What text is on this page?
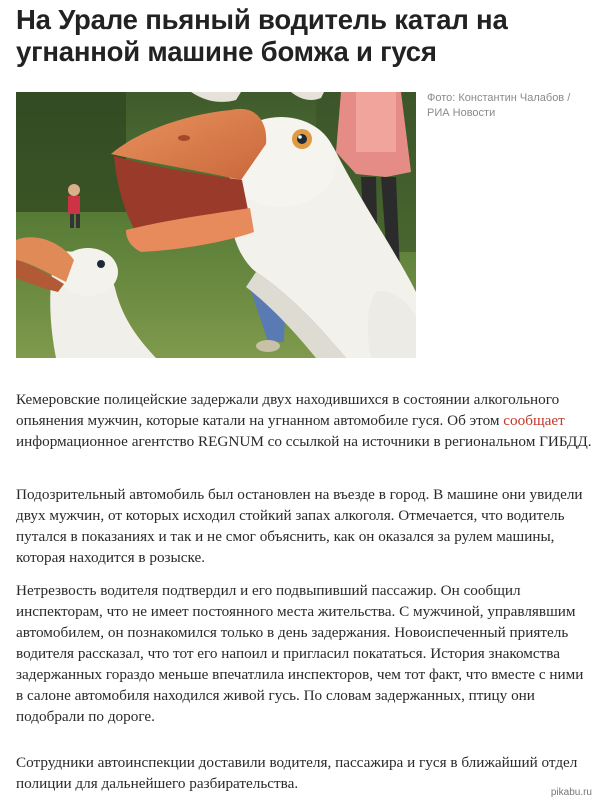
На Урале пьяный водитель катал на угнанной машине бомжа и гуся

Фото: Константин Чалабов / РИА Новости

Кемеровские полицейские задержали двух находившихся в состоянии алкогольного опьянения мужчин, которые катали на угнанном автомобиле гуся. Об этом сообщает информационное агентство REGNUM со ссылкой на источники в региональном ГИБДД.

Подозрительный автомобиль был остановлен на въезде в город. В машине они увидели двух мужчин, от которых исходил стойкий запах алкоголя. Отмечается, что водитель путался в показаниях и так и не смог объяснить, как он оказался за рулем машины, которая находится в розыске.

Нетрезвость водителя подтвердил и его подвыпивший пассажир. Он сообщил инспекторам, что не имеет постоянного места жительства. С мужчиной, управлявшим автомобилем, он познакомился только в день задержания. Новоиспеченный приятель водителя рассказал, что тот его напоил и пригласил покататься. История знакомства задержанных гораздо меньше впечатлила инспекторов, чем тот факт, что вместе с ними в салоне автомобиля находился живой гусь. По словам задержанных, птицу они подобрали по дороге.

Сотрудники автоинспекции доставили водителя, пассажира и гуся в ближайший отдел полиции для дальнейшего разбирательства.

pikabu.ru
